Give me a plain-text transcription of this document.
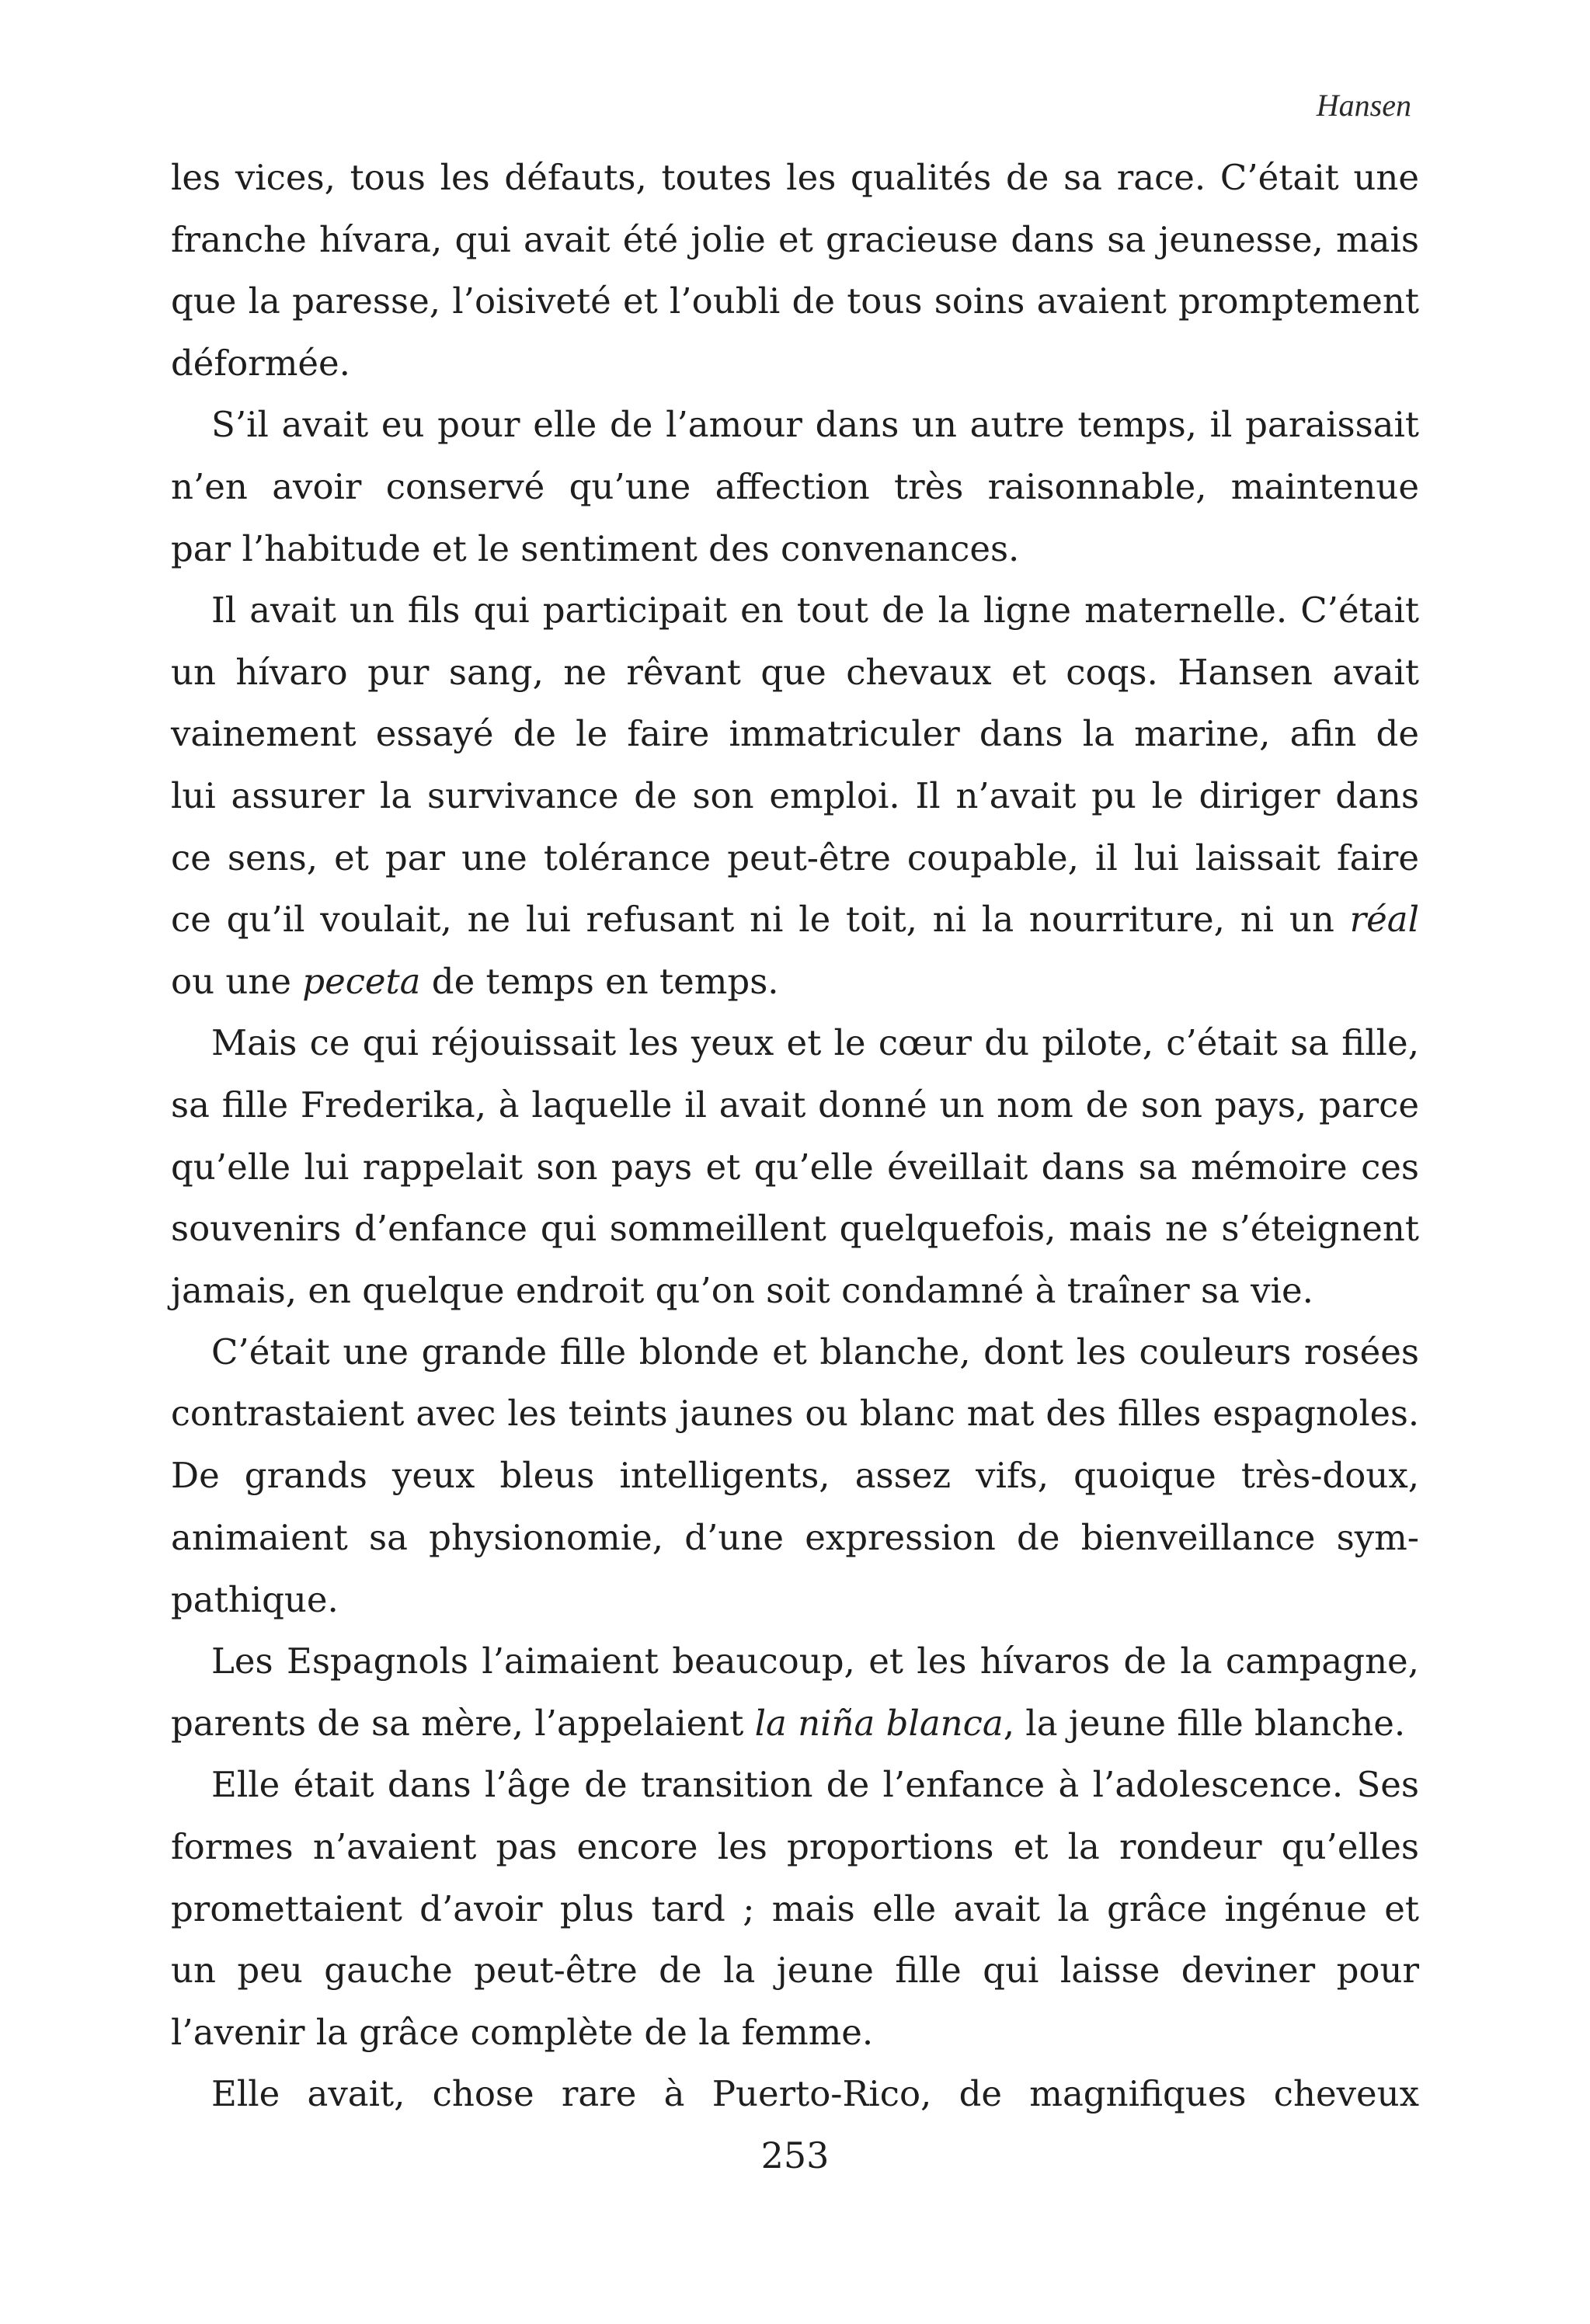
Hansen
les vices, tous les défauts, toutes les qualités de sa race. C’était une
franche hívara, qui avait été jolie et gracieuse dans sa jeunesse, mais
que la paresse, l’oisiveté et l’oubli de tous soins avaient promptement
déformée.
S’il avait eu pour elle de l’amour dans un autre temps, il paraissait
n’en avoir conservé qu’une affection très raisonnable, maintenue
par l’habitude et le sentiment des convenances.
Il avait un fils qui participait en tout de la ligne maternelle. C’était
un hívaro pur sang, ne rêvant que chevaux et coqs. Hansen avait
vainement essayé de le faire immatriculer dans la marine, afin de
lui assurer la survivance de son emploi. Il n’avait pu le diriger dans
ce sens, et par une tolérance peut-être coupable, il lui laissait faire
ce qu’il voulait, ne lui refusant ni le toit, ni la nourriture, ni un réal
ou une peceta de temps en temps.
Mais ce qui réjouissait les yeux et le cœur du pilote, c’était sa fille,
sa fille Frederika, à laquelle il avait donné un nom de son pays, parce
qu’elle lui rappelait son pays et qu’elle éveillait dans sa mémoire ces
souvenirs d’enfance qui sommeillent quelquefois, mais ne s’éteignent
jamais, en quelque endroit qu’on soit condamné à traîner sa vie.
C’était une grande fille blonde et blanche, dont les couleurs rosées
contrastaient avec les teints jaunes ou blanc mat des filles espagnoles.
De grands yeux bleus intelligents, assez vifs, quoique très-doux,
animaient sa physionomie, d’une expression de bienveillance sym-
pathique.
Les Espagnols l’aimaient beaucoup, et les hívaros de la campagne,
parents de sa mère, l’appelaient la niña blanca, la jeune fille blanche.
Elle était dans l’âge de transition de l’enfance à l’adolescence. Ses
formes n’avaient pas encore les proportions et la rondeur qu’elles
promettaient d’avoir plus tard ; mais elle avait la grâce ingénue et
un peu gauche peut-être de la jeune fille qui laisse deviner pour
l’avenir la grâce complète de la femme.
Elle avait, chose rare à Puerto-Rico, de magnifiques cheveux
253
